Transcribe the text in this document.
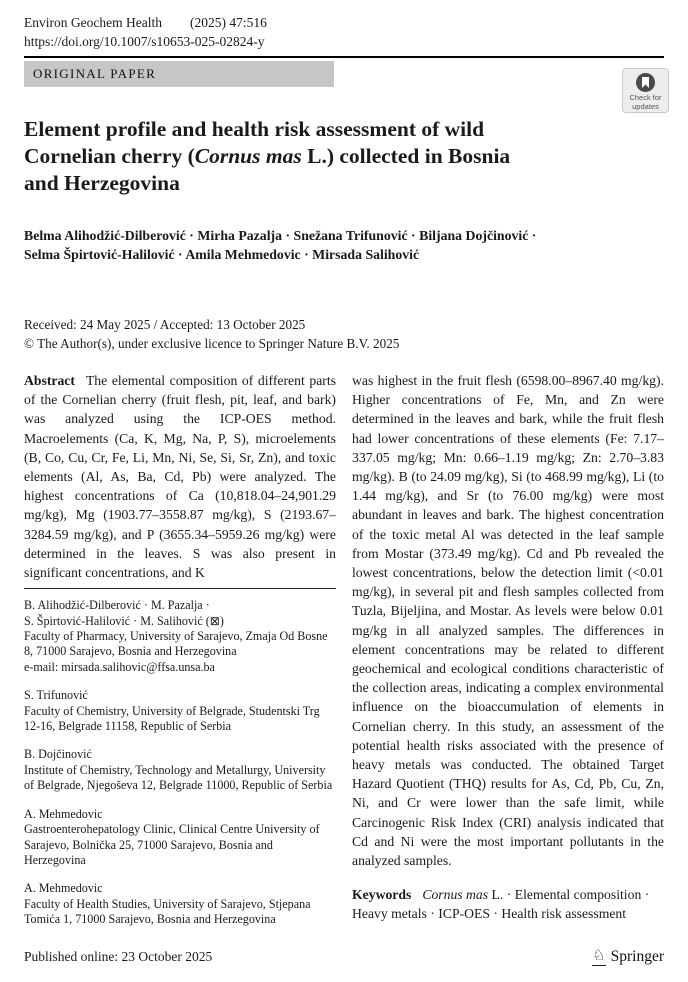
Environ Geochem Health (2025) 47:516
https://doi.org/10.1007/s10653-025-02824-y
ORIGINAL PAPER
Check for
updates
Element profile and health risk assessment of wild
Cornelian cherry (Cornus mas L.) collected in Bosnia
and Herzegovina
Belma Alihodžić-Dilberović · Mirha Pazalja · Snežana Trifunović · Biljana Dojčinović ·
Selma Špirtović-Halilović · Amila Mehmedovic · Mirsada Salihović
Received: 24 May 2025 / Accepted: 13 October 2025
© The Author(s), under exclusive licence to Springer Nature B.V. 2025

Abstract The elemental composition of different parts of the Cornelian cherry (fruit flesh, pit, leaf, and bark) was analyzed using the ICP-OES method. Macroelements (Ca, K, Mg, Na, P, S), microelements (B, Co, Cu, Cr, Fe, Li, Mn, Ni, Se, Si, Sr, Zn), and toxic elements (Al, As, Ba, Cd, Pb) were analyzed. The highest concentrations of Ca (10,818.04–24,901.29 mg/kg), Mg (1903.77–3558.87 mg/kg), S (2193.67–3284.59 mg/kg), and P (3655.34–5959.26 mg/kg) were determined in the leaves. S was also present in significant concentrations, and K

B. Alihodžić-Dilberović · M. Pazalja ·
S. Špirtović-Halilović · M. Salihović (⊠)
Faculty of Pharmacy, University of Sarajevo, Zmaja Od Bosne 8, 71000 Sarajevo, Bosnia and Herzegovina
e-mail: mirsada.salihovic@ffsa.unsa.ba
S. Trifunović
Faculty of Chemistry, University of Belgrade, Studentski Trg 12-16, Belgrade 11158, Republic of Serbia
B. Dojčinović
Institute of Chemistry, Technology and Metallurgy, University of Belgrade, Njegoševa 12, Belgrade 11000, Republic of Serbia
A. Mehmedovic
Gastroenterohepatology Clinic, Clinical Centre University of Sarajevo, Bolnička 25, 71000 Sarajevo, Bosnia and Herzegovina
A. Mehmedovic
Faculty of Health Studies, University of Sarajevo, Stjepana Tomića 1, 71000 Sarajevo, Bosnia and Herzegovina

was highest in the fruit flesh (6598.00–8967.40 mg/kg). Higher concentrations of Fe, Mn, and Zn were determined in the leaves and bark, while the fruit flesh had lower concentrations of these elements (Fe: 7.17–337.05 mg/kg; Mn: 0.66–1.19 mg/kg; Zn: 2.70–3.83 mg/kg). B (to 24.09 mg/kg), Si (to 468.99 mg/kg), Li (to 1.44 mg/kg), and Sr (to 76.00 mg/kg) were most abundant in leaves and bark. The highest concentration of the toxic metal Al was detected in the leaf sample from Mostar (373.49 mg/kg). Cd and Pb revealed the lowest concentrations, below the detection limit (<0.01 mg/kg), in several pit and flesh samples collected from Tuzla, Bijeljina, and Mostar. As levels were below 0.01 mg/kg in all analyzed samples. The differences in element concentrations may be related to different geochemical and ecological conditions characteristic of the collection areas, indicating a complex environmental influence on the bioaccumulation of elements in Cornelian cherry. In this study, an assessment of the potential health risks associated with the presence of heavy metals was conducted. The obtained Target Hazard Quotient (THQ) results for As, Cd, Pb, Cu, Zn, Ni, and Cr were lower than the safe limit, while Carcinogenic Risk Index (CRI) analysis indicated that Cd and Ni were the most important pollutants in the analyzed samples.

Keywords Cornus mas L. · Elemental composition · Heavy metals · ICP-OES · Health risk assessment

Published online: 23 October 2025	♘ Springer
